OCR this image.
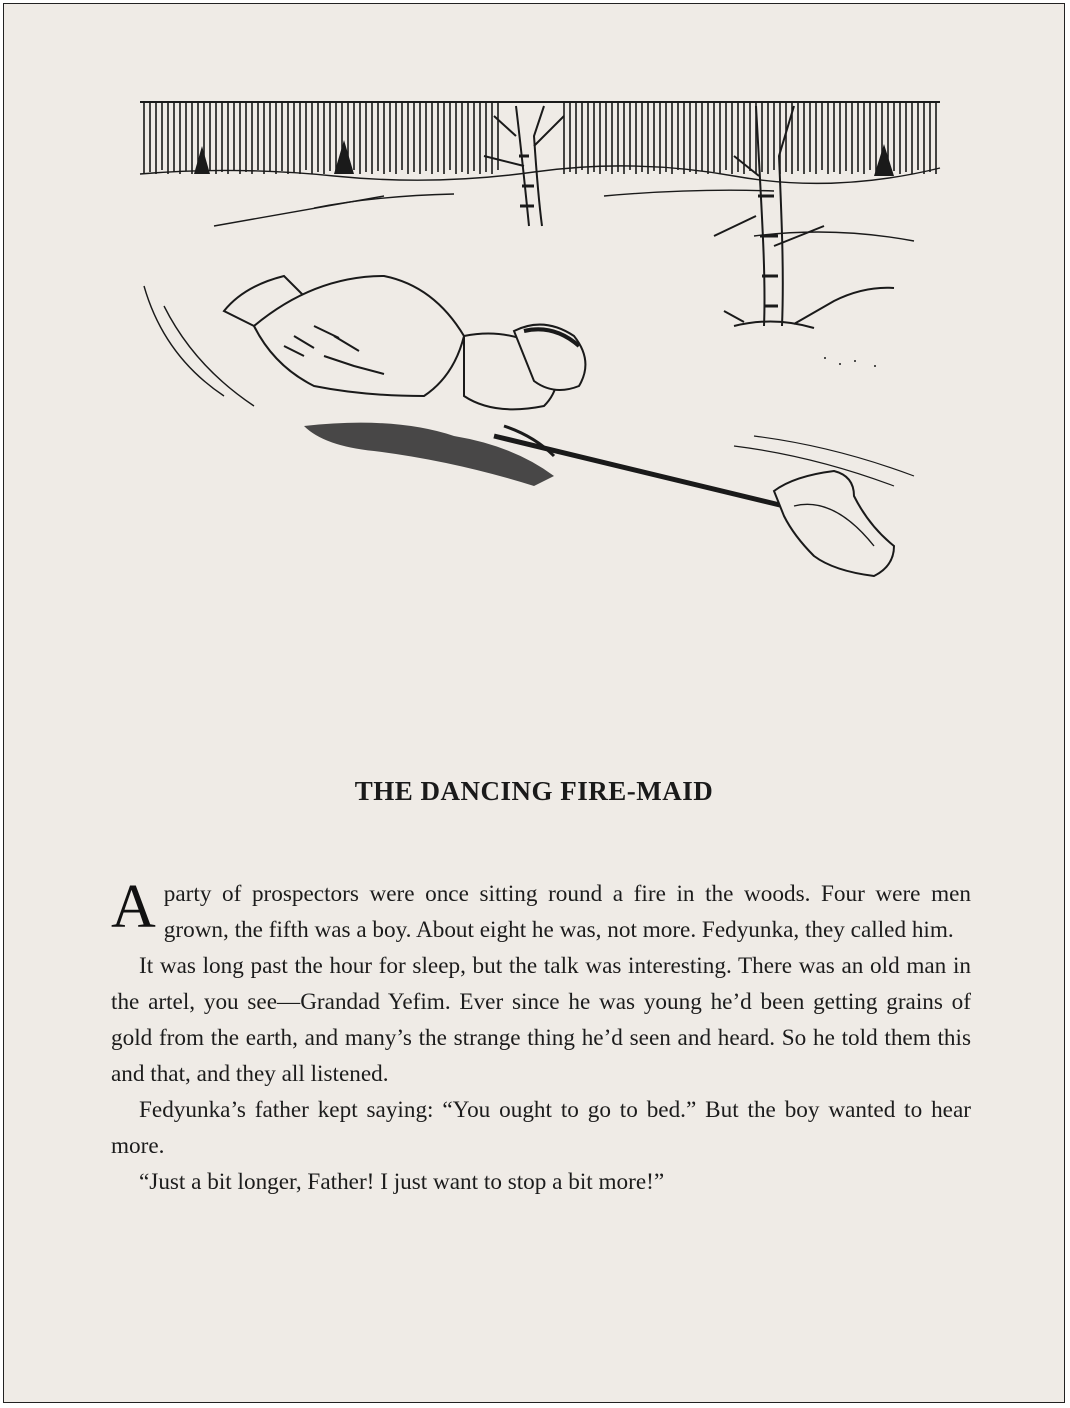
THE DANCING FIRE-MAID

A party of prospectors were once sitting round a fire in the woods. Four were men grown, the fifth was a boy. About eight he was, not more. Fedyunka, they called him.

It was long past the hour for sleep, but the talk was interesting. There was an old man in the artel, you see—Grandad Yefim. Ever since he was young he’d been getting grains of gold from the earth, and many’s the strange thing he’d seen and heard. So he told them this and that, and they all listened.

Fedyunka’s father kept saying: “You ought to go to bed.” But the boy wanted to hear more.

“Just a bit longer, Father! I just want to stop a bit more!”
